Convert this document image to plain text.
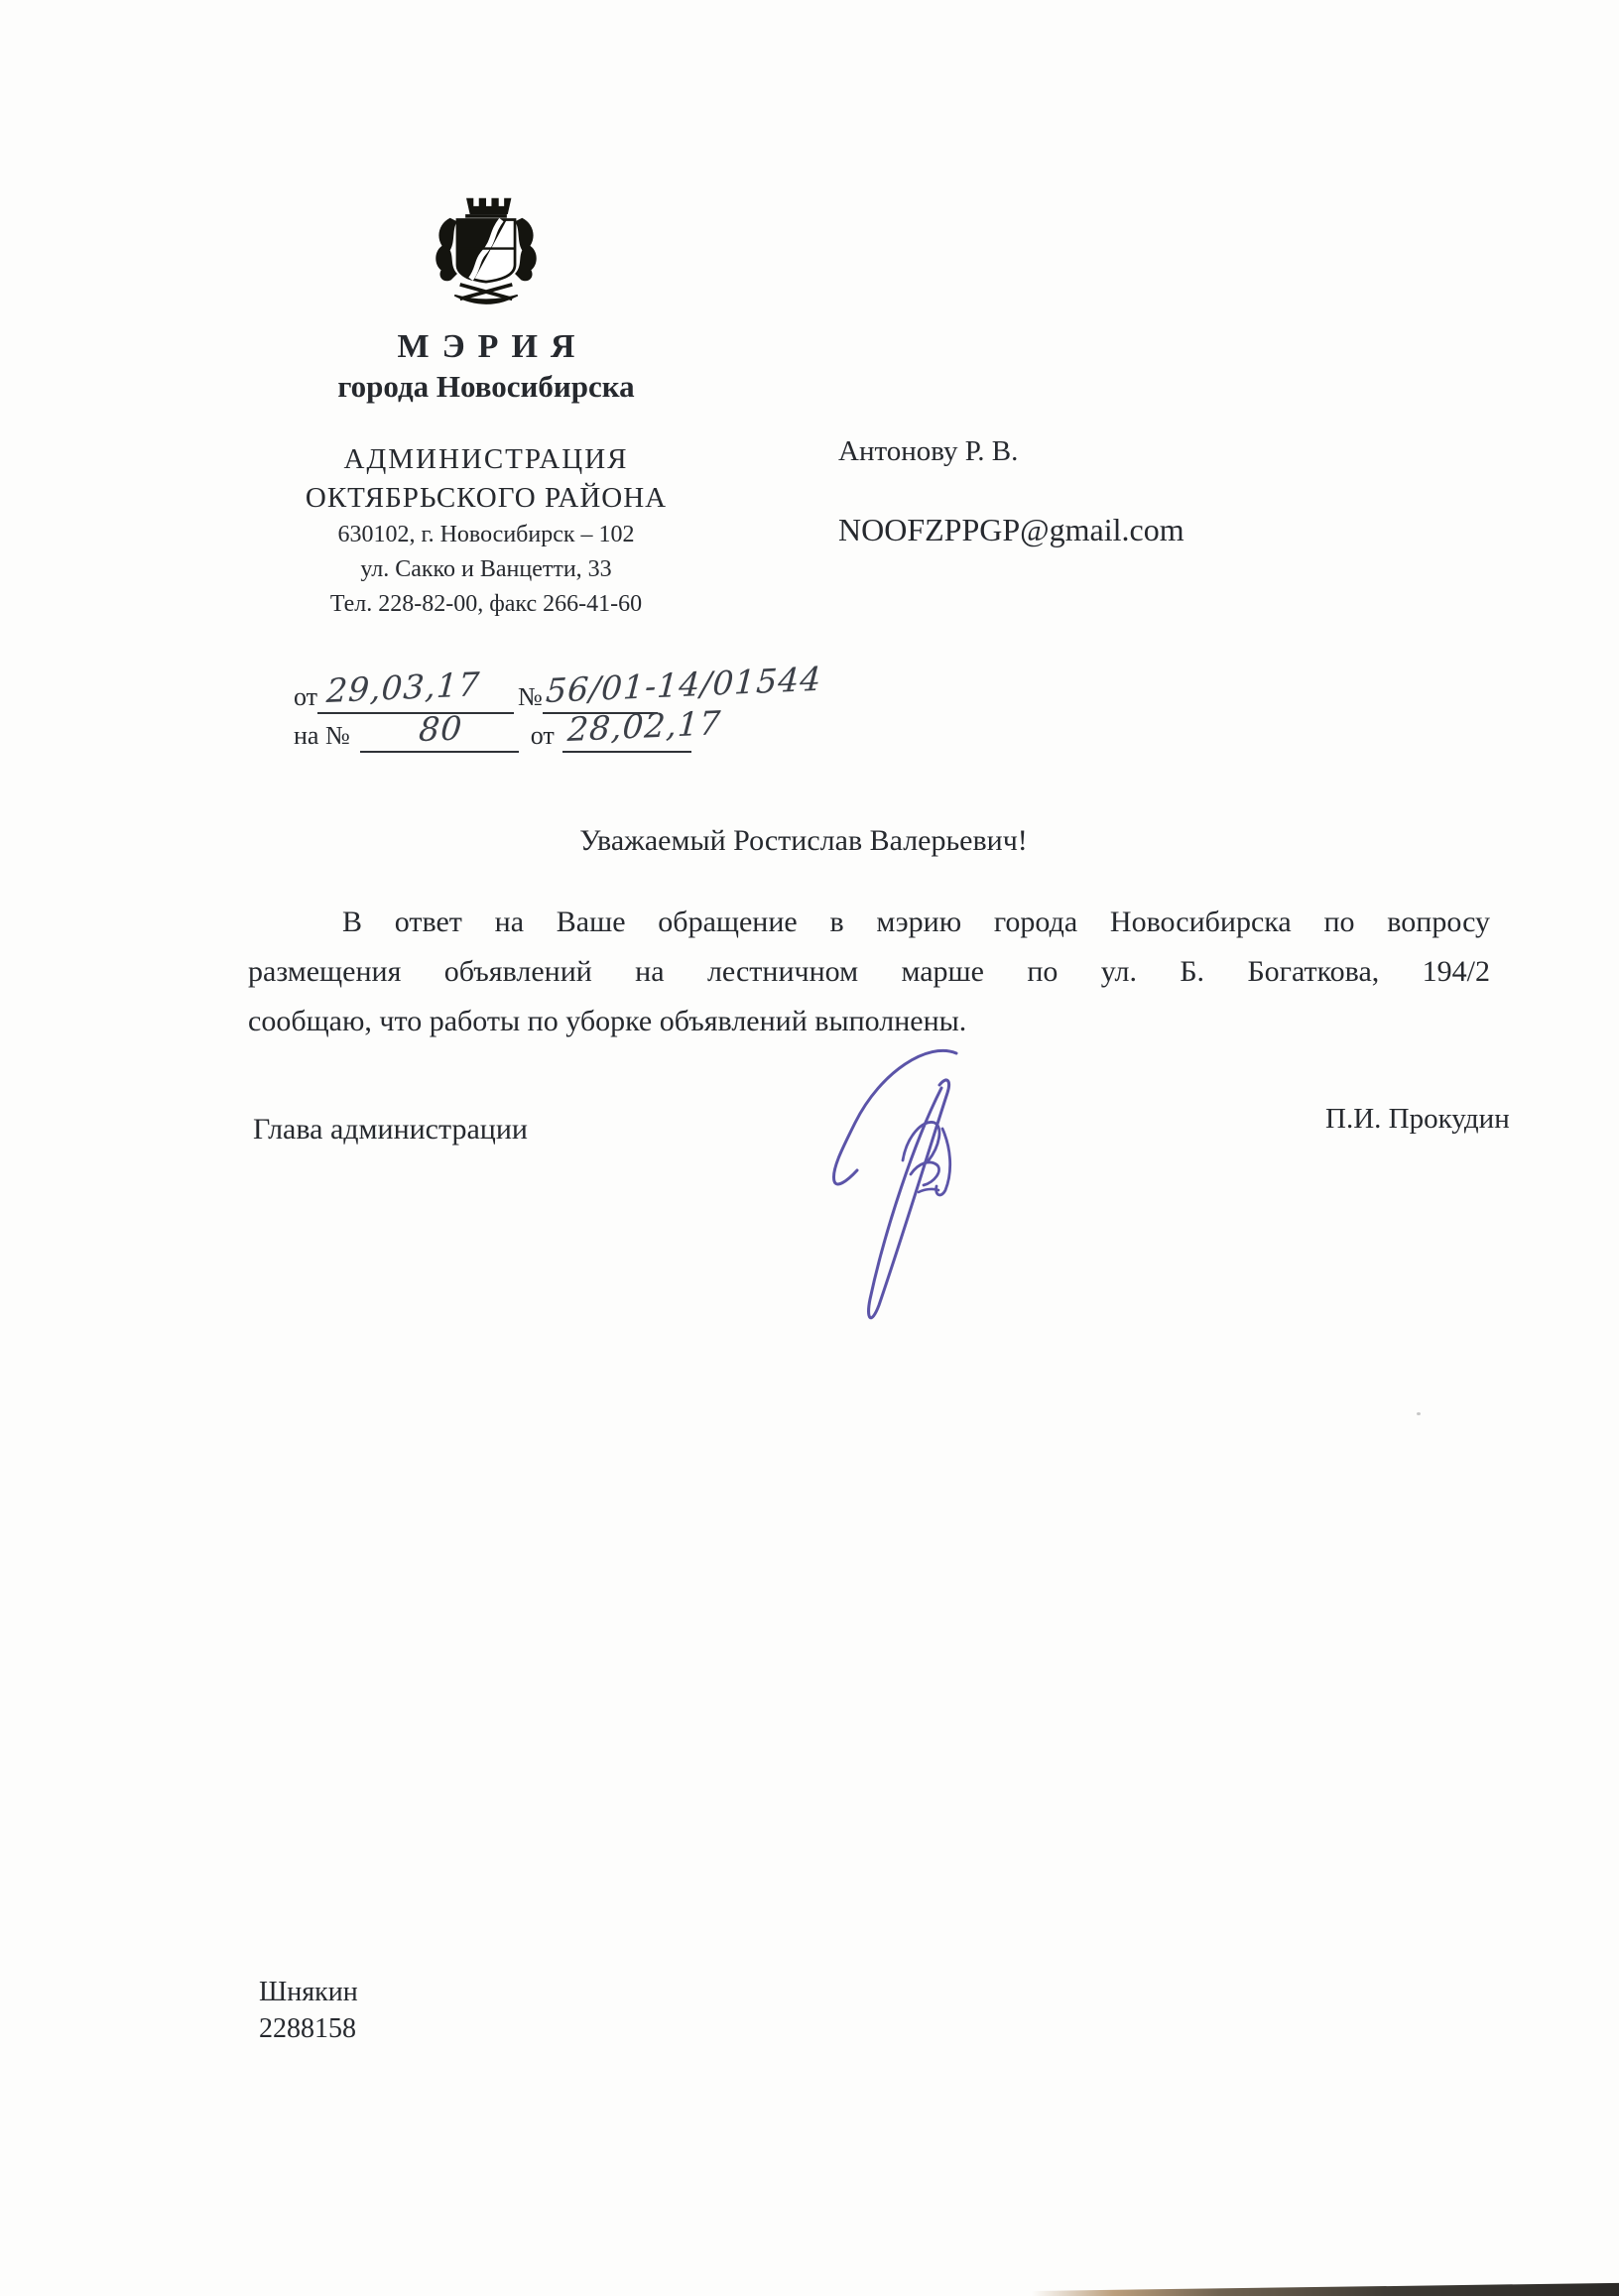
МЭРИЯ
города Новосибирска
АДМИНИСТРАЦИЯ
ОКТЯБРЬСКОГО РАЙОНА
630102, г. Новосибирск – 102
ул. Сакко и Ванцетти, 33
Тел. 228-82-00, факс 266-41-60
Антонову Р. В.
NOOFZPPGP@gmail.com
от 29,03,17 № 56/01-14/01544
на № 80	от 28,02,17
Уважаемый Ростислав Валерьевич!
В ответ на Ваше обращение в мэрию города Новосибирска по вопросу
размещения объявлений на лестничном марше по ул. Б. Богаткова, 194/2
сообщаю, что работы по уборке объявлений выполнены.
Глава администрации	П.И. Прокудин
Шнякин
2288158
